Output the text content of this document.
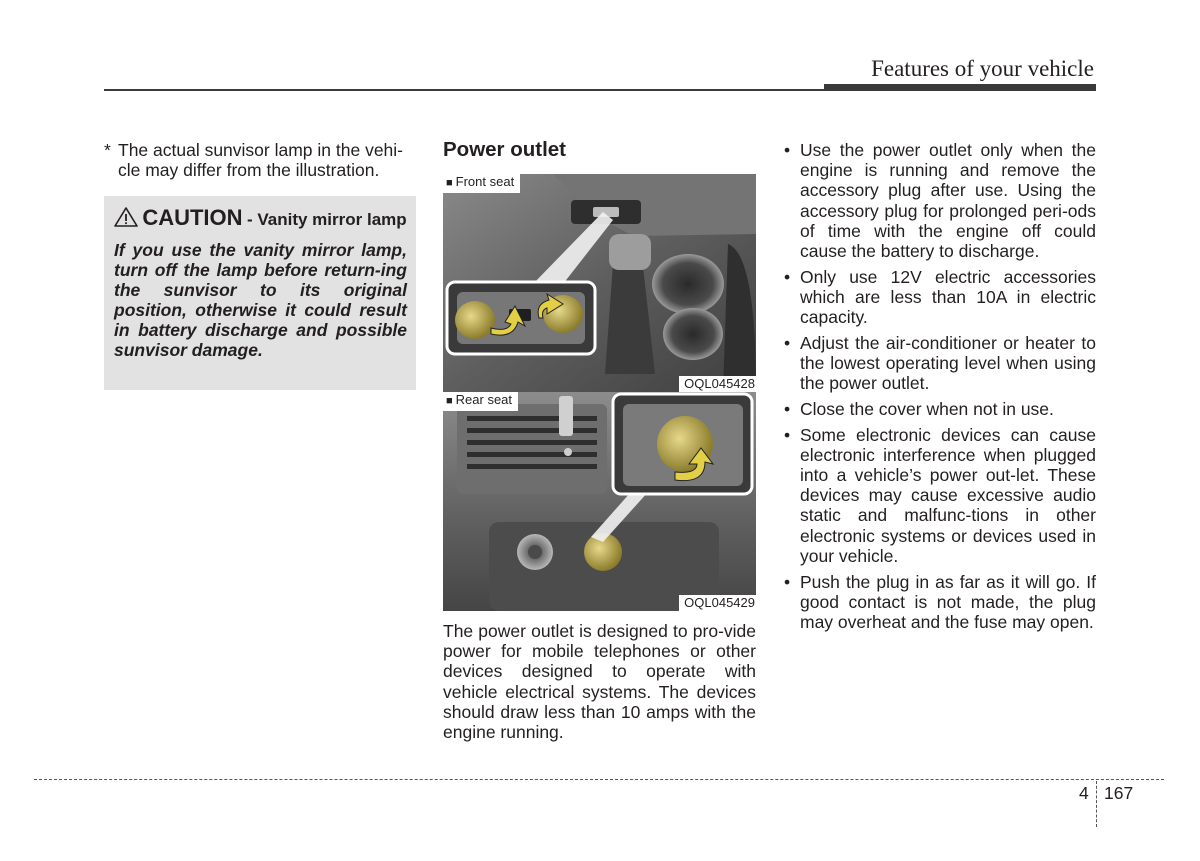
Features of your vehicle
* The actual sunvisor lamp in the vehi-cle may differ from the illustration.
CAUTION - Vanity mirror lamp
If you use the vanity mirror lamp, turn off the lamp before return-ing the sunvisor to its original position, otherwise it could result in battery discharge and possible sunvisor damage.
Power outlet
■ Front seat
OQL045428
■ Rear seat
OQL045429
The power outlet is designed to pro-vide power for mobile telephones or other devices designed to operate with vehicle electrical systems. The devices should draw less than 10 amps with the engine running.
• Use the power outlet only when the engine is running and remove the accessory plug after use. Using the accessory plug for prolonged peri-ods of time with the engine off could cause the battery to discharge.
• Only use 12V electric accessories which are less than 10A in electric capacity.
• Adjust the air-conditioner or heater to the lowest operating level when using the power outlet.
• Close the cover when not in use.
• Some electronic devices can cause electronic interference when plugged into a vehicle’s power out-let. These devices may cause excessive audio static and malfunc-tions in other electronic systems or devices used in your vehicle.
• Push the plug in as far as it will go. If good contact is not made, the plug may overheat and the fuse may open.
4 167
